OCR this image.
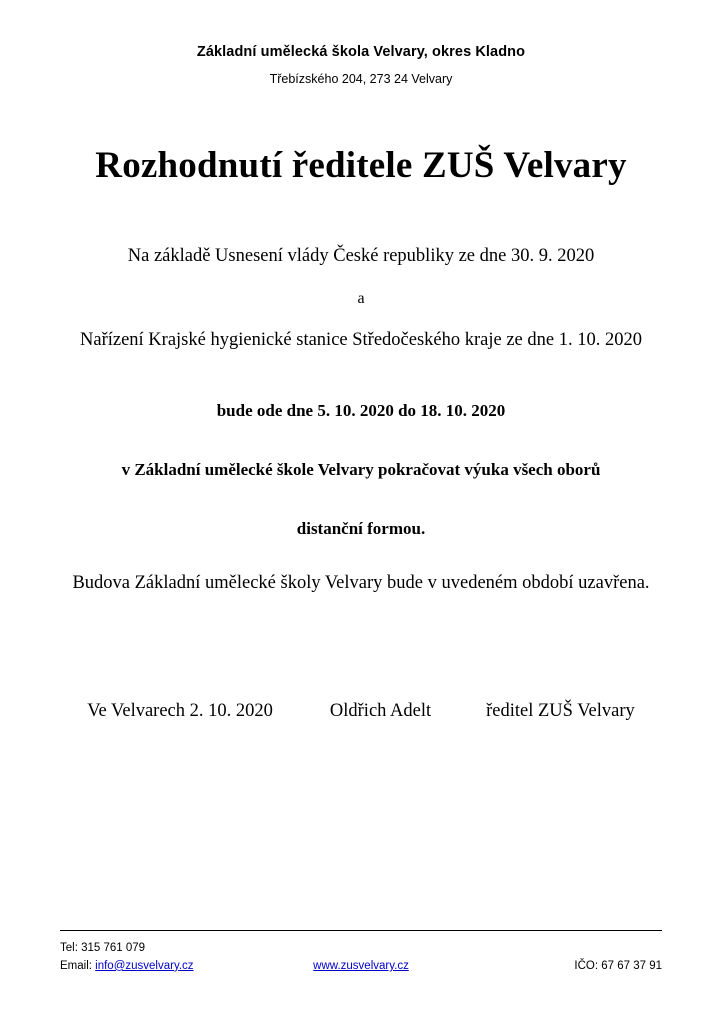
Základní umělecká škola Velvary, okres Kladno
Třebízského 204, 273 24 Velvary
Rozhodnutí ředitele ZUŠ Velvary
Na základě Usnesení vlády České republiky ze dne 30. 9. 2020
a
Nařízení Krajské hygienické stanice Středočeského kraje ze dne 1. 10. 2020
bude ode dne 5. 10. 2020 do 18. 10. 2020
v Základní umělecké škole Velvary pokračovat výuka všech oborů
distanční formou.
Budova Základní umělecké školy Velvary bude v uvedeném období uzavřena.
Ve Velvarech 2. 10. 2020	Oldřich Adelt	ředitel ZUŠ Velvary
Tel: 315 761 079
Email: info@zusvelvary.cz	www.zusvelvary.cz	IČO: 67 67 37 91
